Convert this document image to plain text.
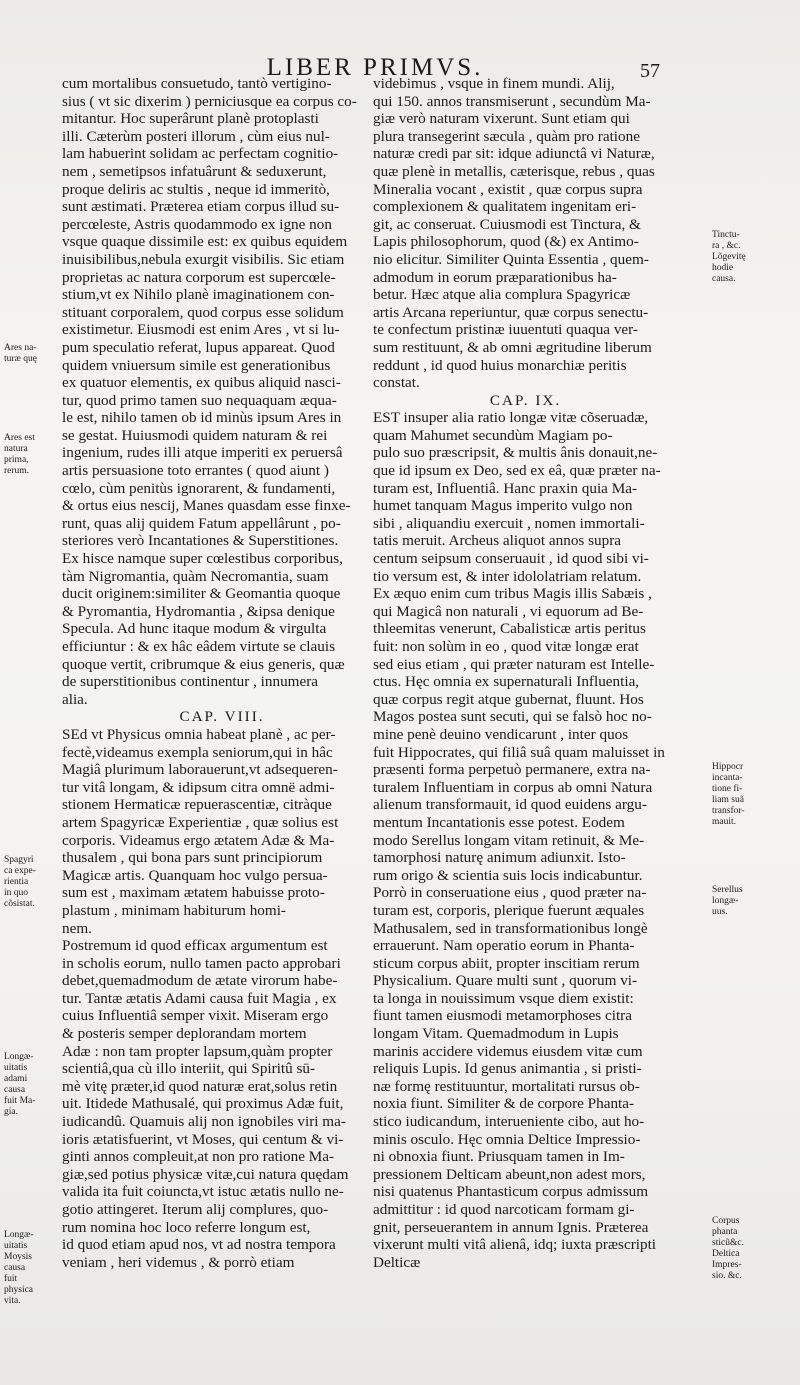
LIBER PRIMVS.	57
cum mortalibus consuetudo, tantò vertigino-
sius ( vt sic dixerim ) perniciusque ea corpus co-
mitantur. Hoc superârunt planè protoplasti
illi. Cæterùm posteri illorum , cùm eius nul-
lam habuerint solidam ac perfectam cognitio-
nem , semetipsos infatuârunt & seduxerunt,
proque deliris ac stultis , neque id immeritò,
sunt æstimati. Præterea etiam corpus illud su-
percœleste, Astris quodammodo ex igne non
vsque quaque dissimile est: ex quibus equidem
inuisibilibus,nebula exurgit visibilis. Sic etiam
proprietas ac natura corporum est supercœle-
stium,vt ex Nihilo planè imaginationem con-
stituant corporalem, quod corpus esse solidum
existimetur. Eiusmodi est enim Ares , vt si lu-
pum speculatio referat, lupus appareat. Quod
quidem vniuersum simile est generationibus
ex quatuor elementis, ex quibus aliquid nasci-
tur, quod primo tamen suo nequaquam æqua-
le est, nihilo tamen ob id minùs ipsum Ares in
se gestat. Huiusmodi quidem naturam & rei
ingenium, rudes illi atque imperiti ex peruersâ
artis persuasione toto errantes ( quod aiunt )
cœlo, cùm penitùs ignorarent, & fundamenti,
& ortus eius nescij, Manes quasdam esse finxe-
runt, quas alij quidem Fatum appellârunt , po-
steriores verò Incantationes & Superstitiones.
Ex hisce namque super cœlestibus corporibus,
tàm Nigromantia, quàm Necromantia, suam
ducit originem:similiter & Geomantia quoque
& Pyromantia, Hydromantia , &ipsa denique
Specula. Ad hunc itaque modum & virgulta
efficiuntur : & ex hâc eâdem virtute se clauis
quoque vertit, cribrumque & eius generis, quæ
de superstitionibus continentur , innumera
alia.
CAP. VIII.
SEd vt Physicus omnia habeat planè , ac per-
fectè,videamus exempla seniorum,qui in hâc
Magiâ plurimum laborauerunt,vt adsequeren-
tur vitâ longam, & idipsum citra omnë admi-
stionem Hermaticæ repuerascentiæ, citràque
artem Spagyricæ Experientiæ , quæ solius est
corporis. Videamus ergo ætatem Adæ & Ma-
thusalem , qui bona pars sunt principiorum
Magicæ artis. Quanquam hoc vulgo persua-
sum est , maximam ætatem habuisse proto-
plastum , minimam habiturum homi-
nem.
Postremum id quod efficax argumentum est
in scholis eorum, nullo tamen pacto approbari
debet,quemadmodum de ætate virorum habe-
tur. Tantæ ætatis Adami causa fuit Magia , ex
cuius Influentiâ semper vixit. Miseram ergo
& posteris semper deplorandam mortem
Adæ : non tam propter lapsum,quàm propter
scientiâ,qua cù illo interiit, qui Spiritû sū-
mè vitę præter,id quod naturæ erat,solus retin
uit. Itidede Mathusalé, qui proximus Adæ fuit,
iudicandû. Quamuis alij non ignobiles viri ma-
ioris ætatisfuerint, vt Moses, qui centum & vi-
ginti annos compleuit,at non pro ratione Ma-
giæ,sed potius physicæ vitæ,cui natura quędam
valida ita fuit coiuncta,vt istuc ætatis nullo ne-
gotio attingeret. Iterum alij complures, quo-
rum nomina hoc loco referre longum est,
id quod etiam apud nos, vt ad nostra tempora
veniam , heri videmus , & porrò etiam
videbimus , vsque in finem mundi. Alij,
qui 150. annos transmiserunt , secundùm Ma-
giæ verò naturam vixerunt. Sunt etiam qui
plura transegerint sæcula , quàm pro ratione
naturæ credi par sit: idque adiunctâ vi Naturæ,
quæ plenè in metallis, cæterisque, rebus , quas
Mineralia vocant , existit , quæ corpus supra
complexionem & qualitatem ingenitam eri-
git, ac conseruat. Cuiusmodi est Tinctura, &
Lapis philosophorum, quod (&) ex Antimo-
nio elicitur. Similiter Quinta Essentia , quem-
admodum in eorum præparationibus ha-
betur. Hæc atque alia complura Spagyricæ
artis Arcana reperiuntur, quæ corpus senectu-
te confectum pristinæ iuuentuti quaqua ver-
sum restituunt, & ab omni ægritudine liberum
reddunt , id quod huius monarchiæ peritis
constat.
CAP. IX.
EST insuper alia ratio longæ vitæ cõseruadæ,
quam Mahumet secundùm Magiam po-
pulo suo præscripsit, & multis ânis donauit,ne-
que id ipsum ex Deo, sed ex eâ, quæ præter na-
turam est, Influentiâ. Hanc praxin quia Ma-
humet tanquam Magus imperito vulgo non
sibi , aliquandiu exercuit , nomen immortali-
tatis meruit. Archeus aliquot annos supra
centum seipsum conseruauit , id quod sibi vi-
tio versum est, & inter idololatriam relatum.
Ex æquo enim cum tribus Magis illis Sabæis ,
qui Magicâ non naturali , vi equorum ad Be-
thleemitas venerunt, Cabalisticæ artis peritus
fuit: non solùm in eo , quod vitæ longæ erat
sed eius etiam , qui præter naturam est Intelle-
ctus. Hęc omnia ex supernaturali Influentia,
quæ corpus regit atque gubernat, fluunt. Hos
Magos postea sunt secuti, qui se falsò hoc no-
mine penè deuino vendicarunt , inter quos
fuit Hippocrates, qui filiâ suâ quam maluisset in
præsenti forma perpetuò permanere, extra na-
turalem Influentiam in corpus ab omni Natura
alienum transformauit, id quod euidens argu-
mentum Incantationis esse potest. Eodem
modo Serellus longam vitam retinuit, & Me-
tamorphosi naturę animum adiunxit. Isto-
rum origo & scientia suis locis indicabuntur.
Porrò in conseruatione eius , quod præter na-
turam est, corporis, plerique fuerunt æquales
Mathusalem, sed in transformationibus longè
errauerunt. Nam operatio eorum in Phanta-
sticum corpus abiit, propter inscitiam rerum
Physicalium. Quare multi sunt , quorum vi-
ta longa in nouissimum vsque diem existit:
fiunt tamen eiusmodi metamorphoses citra
longam Vitam. Quemadmodum in Lupis
marinis accidere videmus eiusdem vitæ cum
reliquis Lupis. Id genus animantia , si pristi-
næ formę restituuntur, mortalitati rursus ob-
noxia fiunt. Similiter & de corpore Phanta-
stico iudicandum, interueniente cibo, aut ho-
minis osculo. Hęc omnia Deltice Impressio-
ni obnoxia fiunt. Priusquam tamen in Im-
pressionem Delticam abeunt,non adest mors,
nisi quatenus Phantasticum corpus admissum
admittitur : id quod narcoticam formam gi-
gnit, perseuerantem in annum Ignis. Præterea
vixerunt multi vitâ alienâ, idq; iuxta præscripti
Delticæ
Ares na-
turæ quę
Ares est
natura
prima,
rerum.
Spagyri
ca expe-
rientia
in quo
cõsistat.
Longæ-
uitatis
adami
causa
fuit Ma-
gia.
Longæ-
uitatis
Moysis
causa
fuit
physica
vita.
Tinctu-
ra , &c.
Lõgevitę
hodie
causa.
Hippocr
incanta-
tione fi-
liam suã
transfor-
mauit.
Serellus
longæ-
uus.
Corpus
phanta
sticũ&c.
Deltica
Impres-
sio. &c.
